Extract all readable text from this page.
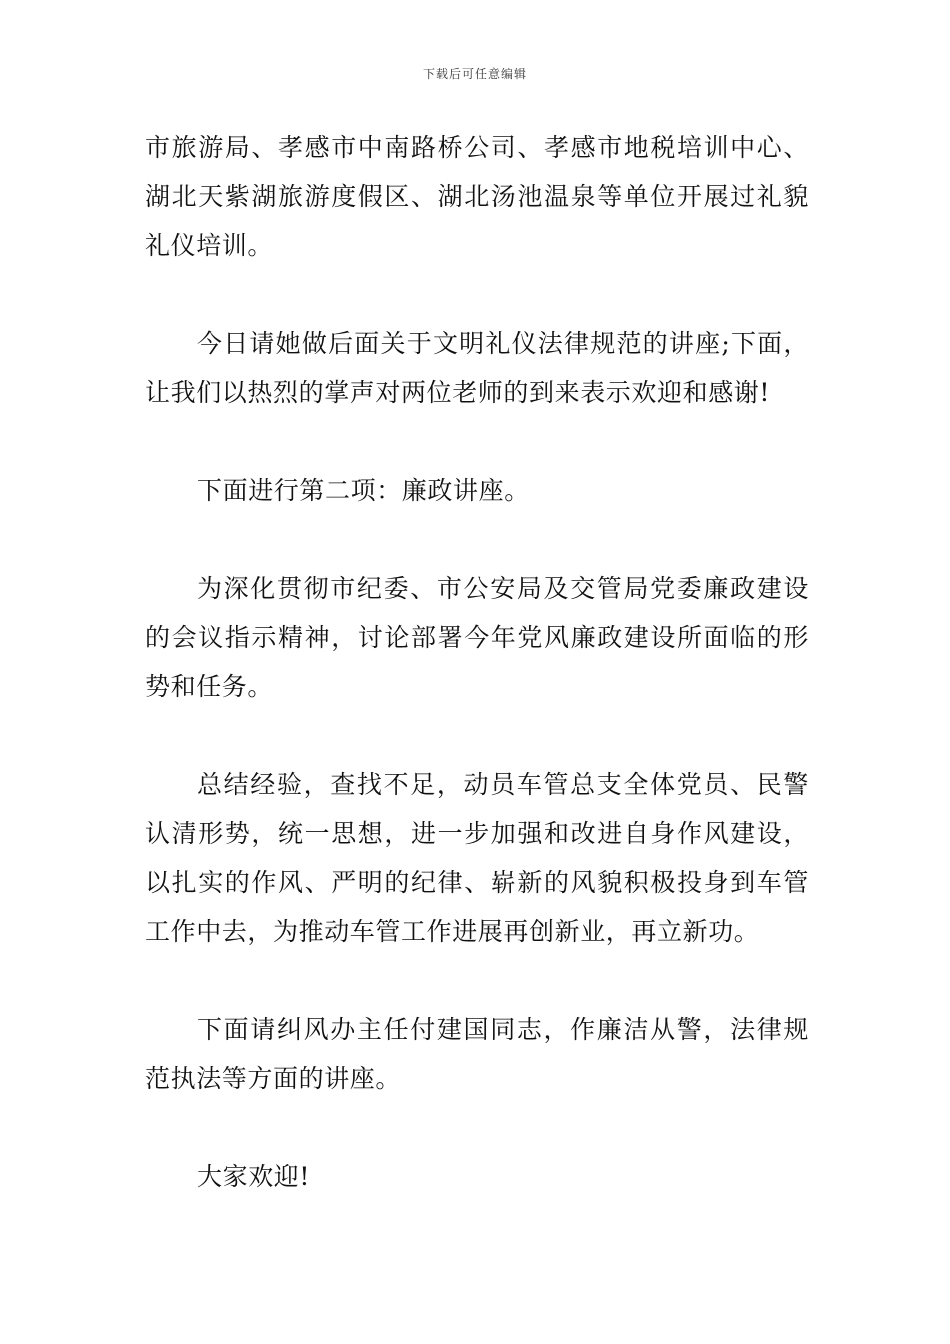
下载后可任意编辑

市旅游局、孝感市中南路桥公司、孝感市地税培训中心、湖北天紫湖旅游度假区、湖北汤池温泉等单位开展过礼貌礼仪培训。

今日请她做后面关于文明礼仪法律规范的讲座;下面，让我们以热烈的掌声对两位老师的到来表示欢迎和感谢!

下面进行第二项：廉政讲座。

为深化贯彻市纪委、市公安局及交管局党委廉政建设的会议指示精神，讨论部署今年党风廉政建设所面临的形势和任务。

总结经验，查找不足，动员车管总支全体党员、民警认清形势，统一思想，进一步加强和改进自身作风建设，以扎实的作风、严明的纪律、崭新的风貌积极投身到车管工作中去，为推动车管工作进展再创新业，再立新功。

下面请纠风办主任付建国同志，作廉洁从警，法律规范执法等方面的讲座。

大家欢迎!
